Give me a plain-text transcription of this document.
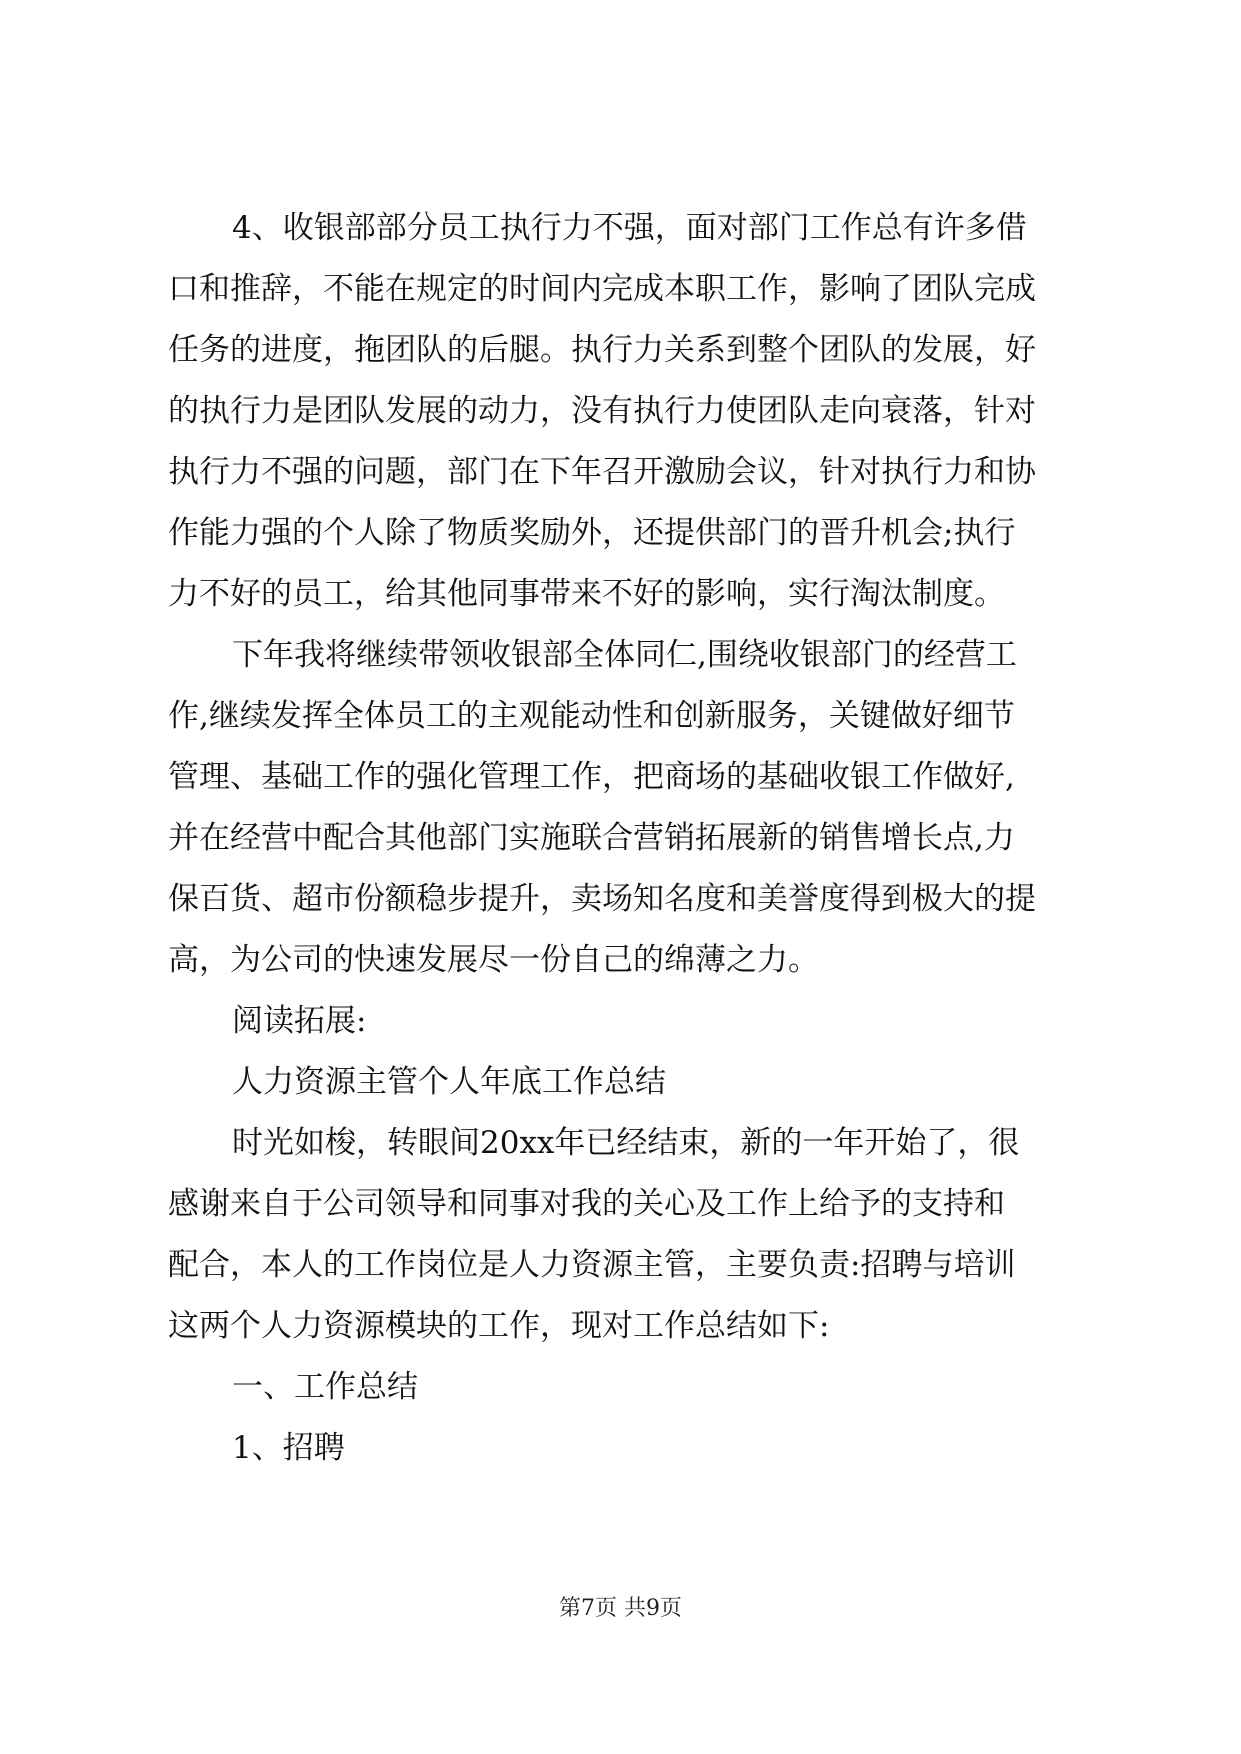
4、收银部部分员工执行力不强，面对部门工作总有许多借
口和推辞，不能在规定的时间内完成本职工作，影响了团队完成
任务的进度，拖团队的后腿。执行力关系到整个团队的发展，好
的执行力是团队发展的动力，没有执行力使团队走向衰落，针对
执行力不强的问题，部门在下年召开激励会议，针对执行力和协
作能力强的个人除了物质奖励外，还提供部门的晋升机会;执行
力不好的员工，给其他同事带来不好的影响，实行淘汰制度。
下年我将继续带领收银部全体同仁,围绕收银部门的经营工
作,继续发挥全体员工的主观能动性和创新服务，关键做好细节
管理、基础工作的强化管理工作，把商场的基础收银工作做好,
并在经营中配合其他部门实施联合营销拓展新的销售增长点,力
保百货、超市份额稳步提升，卖场知名度和美誉度得到极大的提
高，为公司的快速发展尽一份自己的绵薄之力。
阅读拓展:
人力资源主管个人年底工作总结
时光如梭，转眼间20xx年已经结束，新的一年开始了，很
感谢来自于公司领导和同事对我的关心及工作上给予的支持和
配合，本人的工作岗位是人力资源主管，主要负责:招聘与培训
这两个人力资源模块的工作，现对工作总结如下:
一、工作总结
1、招聘
第7页 共9页
